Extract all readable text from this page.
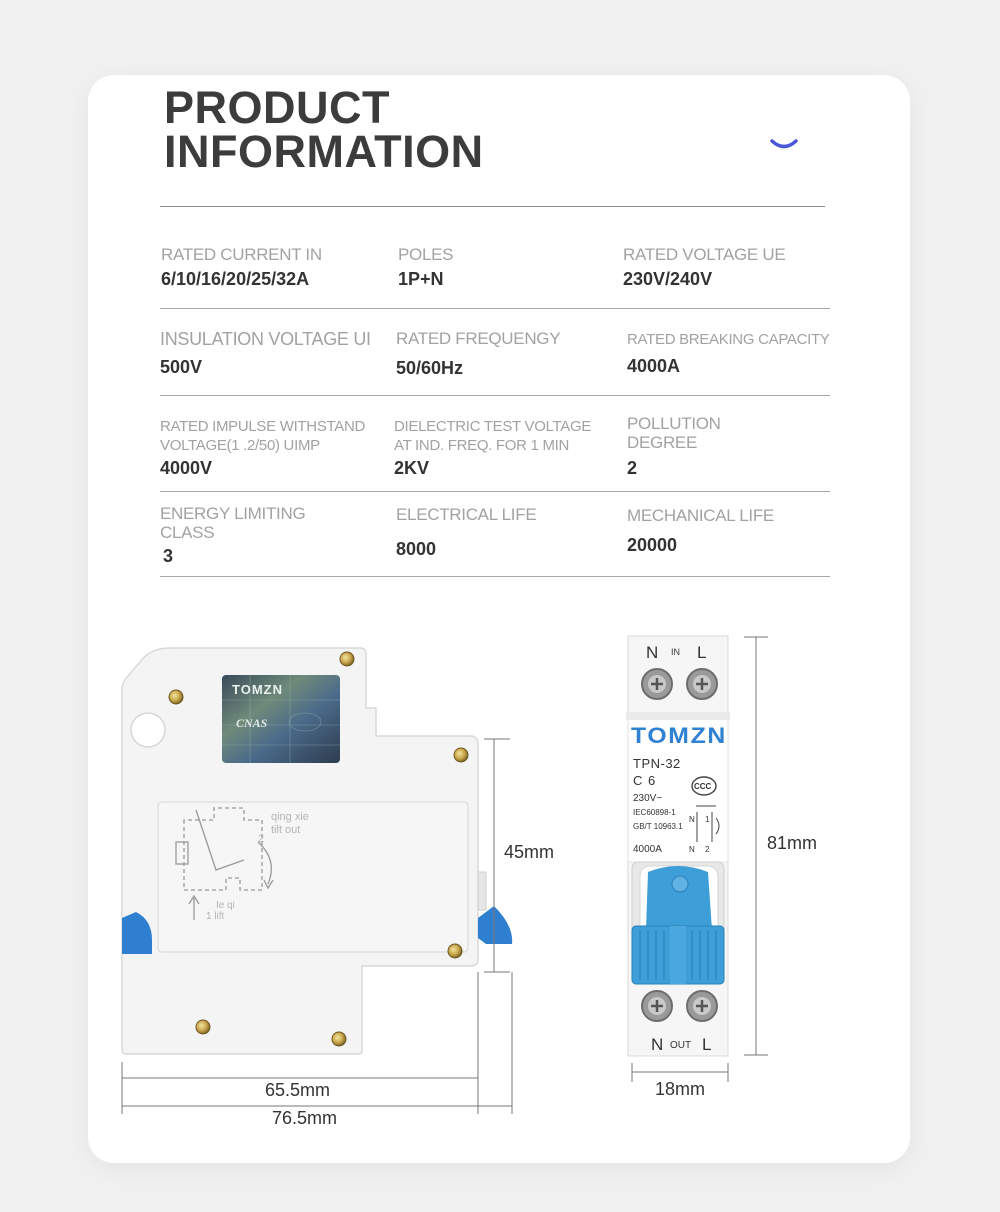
PRODUCT
INFORMATION
RATED CURRENT IN
6/10/16/20/25/32A
POLES
1P+N
RATED VOLTAGE UE
230V/240V
INSULATION VOLTAGE UI
500V
RATED FREQUENGY
50/60Hz
RATED BREAKING CAPACITY
4000A
RATED IMPULSE WITHSTAND
VOLTAGE(1 .2/50) UIMP
4000V
DIELECTRIC TEST VOLTAGE
AT IND. FREQ. FOR 1 MIN
2KV
POLLUTION
DEGREE
2
ENERGY LIMITING
CLASS
3
ELECTRICAL LIFE
8000
MECHANICAL LIFE
20000
TOMZN
CNAS
qing xie
tilt out
2
Ie qi
1 lift
N IN L
TOMZN
TPN-32
C 6	CCC
230V~
IEC60898-1
GB/T 10963.1
4000A
N 1
N 2
N OUT L
45mm
65.5mm
76.5mm
81mm
18mm
